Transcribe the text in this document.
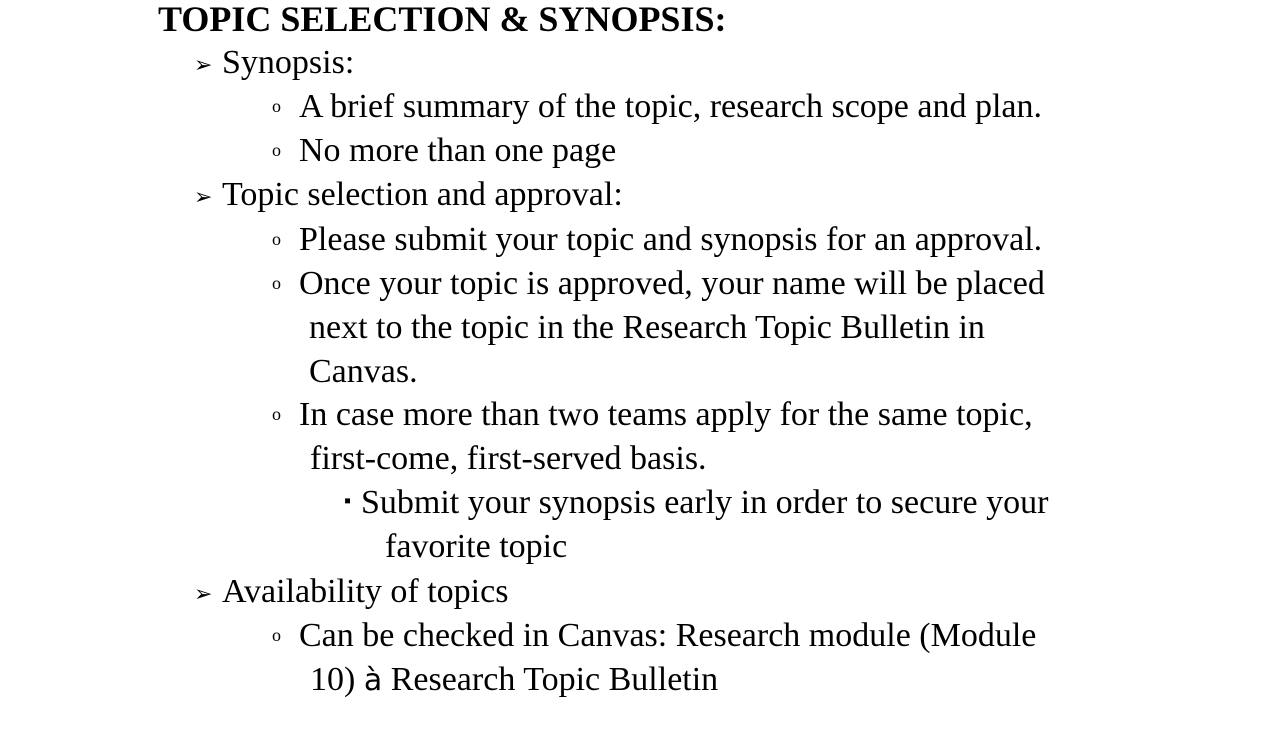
TOPIC SELECTION & SYNOPSIS:
➢ Synopsis:
o A brief summary of the topic, research scope and plan.
o No more than one page
➢ Topic selection and approval:
o Please submit your topic and synopsis for an approval.
o Once your topic is approved, your name will be placed
next to the topic in the Research Topic Bulletin in
Canvas.
o In case more than two teams apply for the same topic,
first-come, first-served basis.
▪ Submit your synopsis early in order to secure your
favorite topic
➢ Availability of topics
o Can be checked in Canvas: Research module (Module
10) à Research Topic Bulletin
